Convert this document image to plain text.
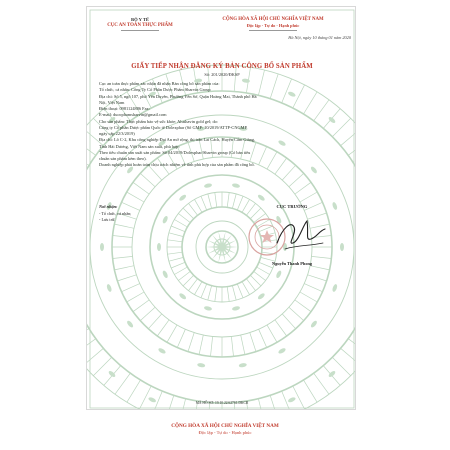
BỘ Y TẾ
CỤC AN TOÀN THỰC PHẨM
CỘNG HÒA XÃ HỘI CHỦ NGHĨA VIỆT NAM
Độc lập - Tự do - Hạnh phúc
Hà Nội, ngày 10 tháng 01 năm 2020
GIẤY TIẾP NHẬN ĐĂNG KÝ BẢN CÔNG BỐ SẢN PHẨM
Số: 201/2020/ĐKSP
Cục an toàn thực phẩm xác nhận đã nhận Bản công bố sản phẩm của:
Tổ chức, cá nhân: Công Ty Cổ Phần Dược Phẩm Sharvin Group
Địa chỉ: Số 5, ngõ 107, phố Yên Duyên, Phường Yên Sở, Quận Hoàng Mai, Thành phố Hà
Nội, Việt Nam
Điện thoại: 0981124886 Fax:
E-mail: duocphamsharvin@gmail.com
Cho sản phẩm: Thực phẩm bảo vệ sức khỏe: Alushavin gold gel; do:
Công ty Cổ phần Dược phẩm Quốc tế Dolexphar (Số GMP: 10/2019/ATTP-CNGMP,
ngày cấp 22/3/2019)
Địa chỉ: Lô C-2, Khu công nghiệp Đại An mở rộng, thị trấn Lai Cách, Huyện Cẩm Giàng,
Tỉnh Hải Dương, Việt Nam sản xuất, phù hợp:
Theo tiêu chuẩn sản xuất sản phẩm: Số 04/2019/Dolexphar/Sharvin group (Có bản tiêu
chuẩn sản phẩm kèm theo).
Doanh nghiệp phải hoàn toàn chịu trách nhiệm về tính phù hợp của sản phẩm đã công bố.
Nơi nhận:
- Tổ chức, cá nhân;
- Lưu trữ.
CỤC TRƯỞNG
Nguyễn Thanh Phong
MÃ HỒ SƠ: 19.10.22.62761.DKCB
CỘNG HÒA XÃ HỘI CHỦ NGHĨA VIỆT NAM
Độc lập - Tự do - Hạnh phúc
